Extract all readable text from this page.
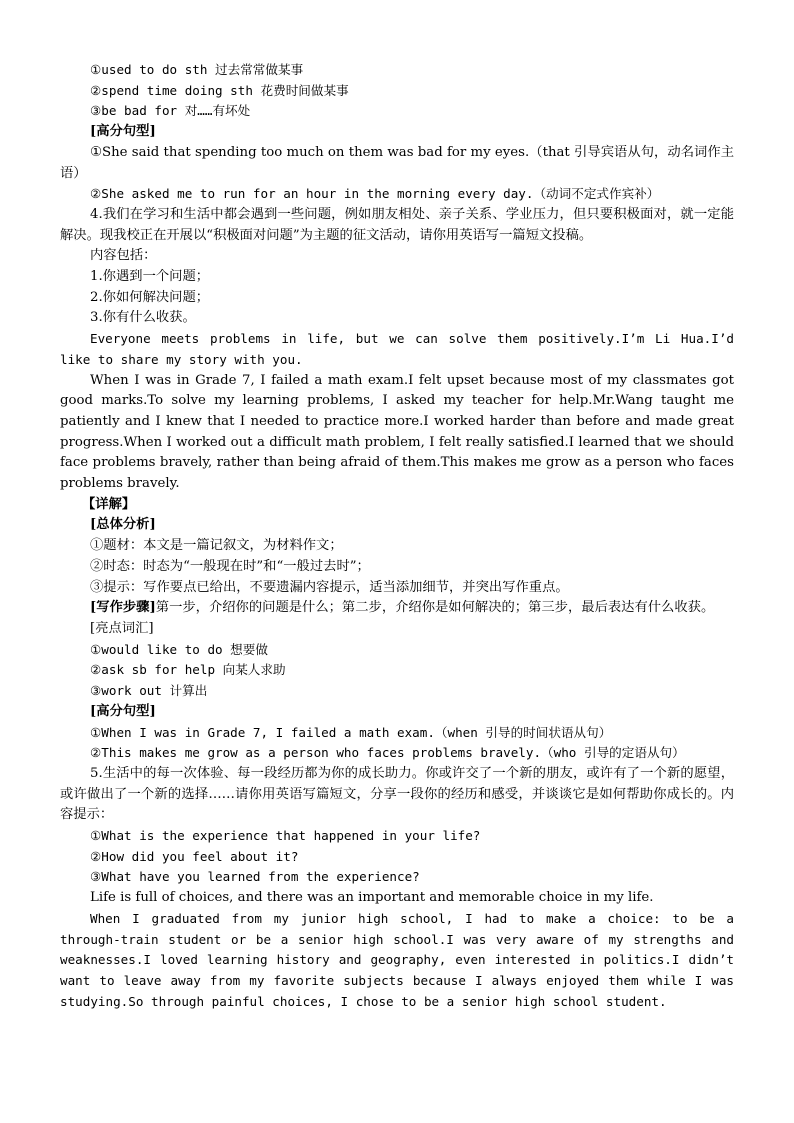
①used to do sth 过去常常做某事

②spend time doing sth 花费时间做某事

③be bad for 对……有坏处

[高分句型]

①She said that spending too much on them was bad for my eyes.（that 引导宾语从句，动名词作主语）

②She asked me to run for an hour in the morning every day.（动词不定式作宾补）

4.我们在学习和生活中都会遇到一些问题，例如朋友相处、亲子关系、学业压力，但只要积极面对，就一定能解决。现我校正在开展以“积极面对问题”为主题的征文活动，请你用英语写一篇短文投稿。

内容包括：

1.你遇到一个问题；

2.你如何解决问题；

3.你有什么收获。

Everyone meets problems in life, but we can solve them positively.I’m Li Hua.I’d like to share my story with you.

When I was in Grade 7, I failed a math exam.I felt upset because most of my classmates got good marks.To solve my learning problems, I asked my teacher for help.Mr.Wang taught me patiently and I knew that I needed to practice more.I worked harder than before and made great progress.When I worked out a difficult math problem, I felt really satisfied.I learned that we should face problems bravely, rather than being afraid of them.This makes me grow as a person who faces problems bravely.

【详解】

[总体分析]

①题材：本文是一篇记叙文，为材料作文；

②时态：时态为“一般现在时”和“一般过去时”；

③提示：写作要点已给出，不要遗漏内容提示，适当添加细节，并突出写作重点。

[写作步骤]第一步，介绍你的问题是什么；第二步，介绍你是如何解决的；第三步，最后表达有什么收获。

[亮点词汇]

①would like to do 想要做

②ask sb for help 向某人求助

③work out 计算出

[高分句型]

①When I was in Grade 7, I failed a math exam.（when 引导的时间状语从句）

②This makes me grow as a person who faces problems bravely.（who 引导的定语从句）

5.生活中的每一次体验、每一段经历都为你的成长助力。你或许交了一个新的朋友，或许有了一个新的愿望，或许做出了一个新的选择……请你用英语写篇短文，分享一段你的经历和感受，并谈谈它是如何帮助你成长的。内容提示：

①What is the experience that happened in your life?

②How did you feel about it?

③What have you learned from the experience?

Life is full of choices, and there was an important and memorable choice in my life.

When I graduated from my junior high school, I had to make a choice: to be a through-train student or be a senior high school.I was very aware of my strengths and weaknesses.I loved learning history and geography, even interested in politics.I didn’t want to leave away from my favorite subjects because I always enjoyed them while I was studying.So through painful choices, I chose to be a senior high school student.
